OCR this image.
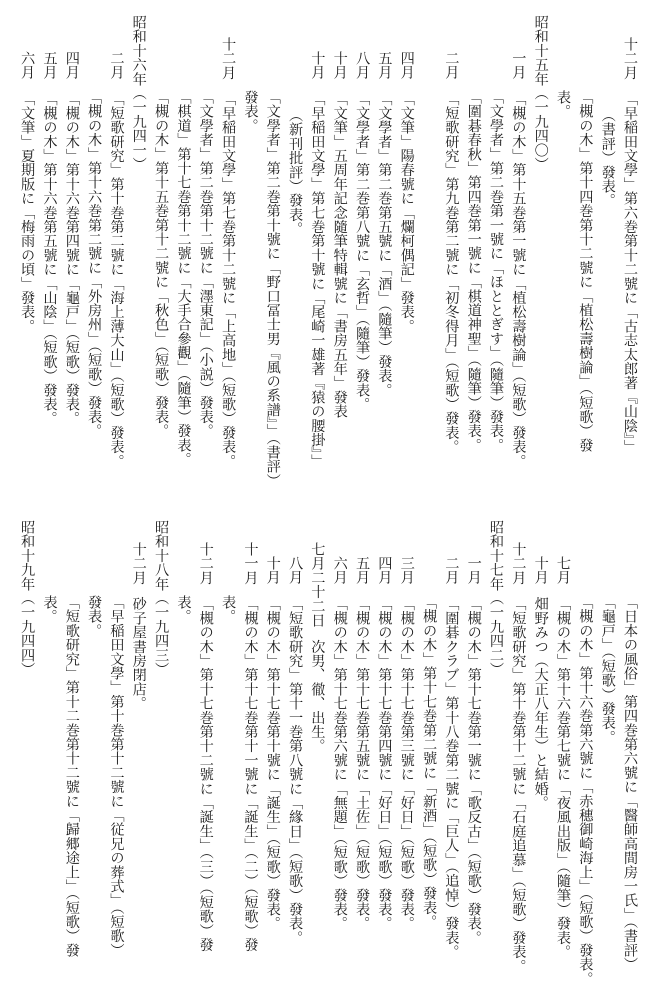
十二月「早稲田文學」第六巻第十二號に「古志太郎著『山陰』」
（書評）發表。
「槻の木」第十四巻第十二號に「植松壽樹論」（短歌）發
表。
昭和十五年（一九四〇）
一月「槻の木」第十五巻第一號に「植松壽樹論」（短歌）發表。
「文學者」第二巻第一號に「ほととぎす」（隨筆）發表。
「圍碁春秋」第四巻第一號に「棋道神聖」（隨筆）發表。
二月「短歌研究」第九巻第二號に「初冬得月」（短歌）發表。
四月「文筆」陽春號に「爛柯偶記」發表。
五月「文學者」第二巻第五號に「酒」（隨筆）發表。
八月「文學者」第二巻第八號に「玄哲」（隨筆）發表。
十月「文筆」五周年記念隨筆特輯號に「書房五年」發表
十月「早稲田文學」第七巻第十號に「尾崎一雄著『猿の腰掛』」
（新刊批評）發表。
「文學者」第二巻第十號に「野口冨士男『風の系譜』」（書評）
發表。
十二月「早稲田文學」第七巻第十二號に「上高地」（短歌）發表。
「文學者」第二巻第十二號に「濹東記」（小説）發表。
「棋道」第十七巻第十二號に「大手合參觀」（隨筆）發表。
「槻の木」第十五巻第十二號に「秋色」（短歌）發表。
昭和十六年（一九四一）
二月「短歌研究」第十巻第二號に「海上薄大山」（短歌）發表。
「槻の木」第十六巻第二號に「外房州」（短歌）發表。
四月「槻の木」第十六巻第四號に「龜戸」（短歌）發表。
五月「槻の木」第十六巻第五號に「山陰」（短歌）發表。
六月「文筆」夏期版に「梅雨の頃」發表。
「日本の風俗」第四巻第六號に「醫師高間房一氏」（書評）
「龜戸」（短歌）發表。
「槻の木」第十六巻第六號に「赤穗御崎海上」（短歌）發表。
七月「槻の木」第十六巻第七號に「夜風出版」（隨筆）發表。
十月畑野みつ（大正八年生）と結婚。
十二月「短歌研究」第十巻第十二號に「石庭追慕」（短歌）發表。
昭和十七年（一九四二）
一月「槻の木」第十七巻第一號に「歌反古」（短歌）發表。
二月「圍碁クラブ」第十八巻第二號に「巨人」（追悼）發表。
「槻の木」第十七巻第二號に「新酒」（短歌）發表。
三月「槻の木」第十七巻第三號に「好日」（短歌）發表。
四月「槻の木」第十七巻第四號に「好日」（短歌）發表。
五月「槻の木」第十七巻第五號に「土佐」（短歌）發表。
六月「槻の木」第十七巻第六號に「無題」（短歌）發表。
七月二十二日次男、徹、出生。
八月「短歌研究」第十一巻第八號に「緣日」（短歌）發表。
十月「槻の木」第十七巻第十號に「誕生」（短歌）發表。
十一月「槻の木」第十七巻第十一號に「誕生」（二）（短歌）發
表。
十二月「槻の木」第十七巻第十二號に「誕生」（三）（短歌）發
表。
昭和十八年（一九四三）
十二月砂子屋書房閉店。
「早稲田文學」第十巻第十二號に「従兄の葬式」（短歌）
發表。
「短歌研究」第十二巻第十二號に「歸郷途上」（短歌）發
表。
昭和十九年（一九四四）
